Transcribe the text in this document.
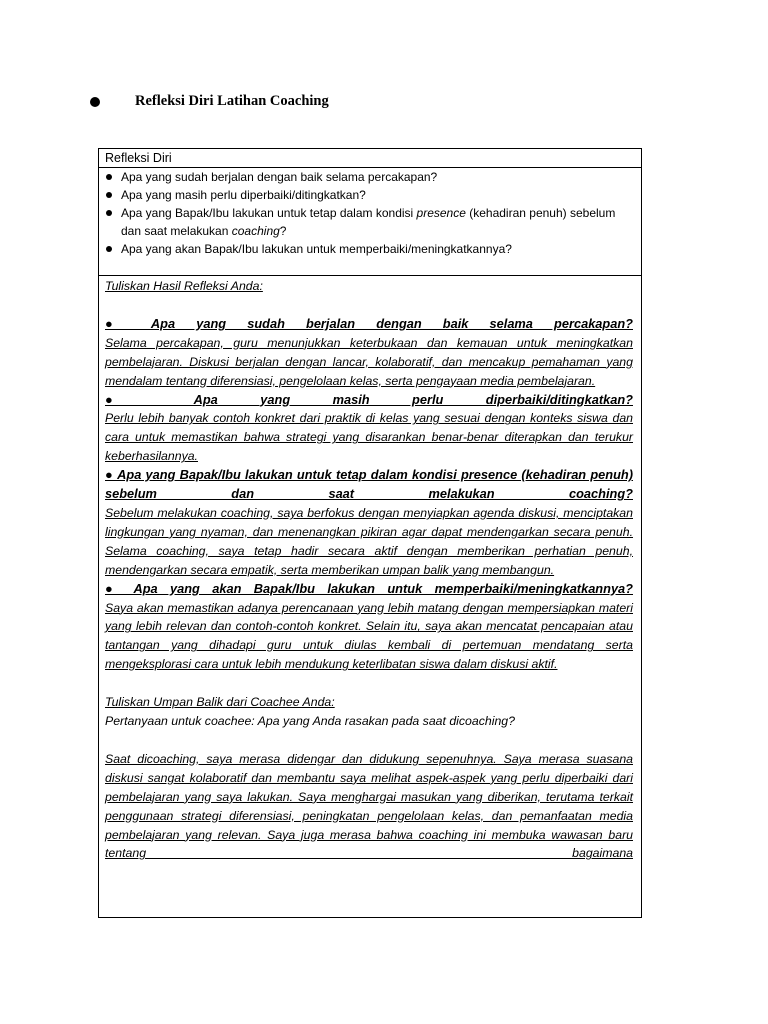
Refleksi Diri Latihan Coaching
Refleksi Diri
Apa yang sudah berjalan dengan baik selama percakapan?
Apa yang masih perlu diperbaiki/ditingkatkan?
Apa yang Bapak/Ibu lakukan untuk tetap dalam kondisi presence (kehadiran penuh) sebelum dan saat melakukan coaching?
Apa yang akan Bapak/Ibu lakukan untuk memperbaiki/meningkatkannya?

Tuliskan Hasil Refleksi Anda:

● Apa yang sudah berjalan dengan baik selama percakapan?

Selama percakapan, guru menunjukkan keterbukaan dan kemauan untuk meningkatkan pembelajaran. Diskusi berjalan dengan lancar, kolaboratif, dan mencakup pemahaman yang mendalam tentang diferensiasi, pengelolaan kelas, serta pengayaan media pembelajaran.

● Apa yang masih perlu diperbaiki/ditingkatkan?

Perlu lebih banyak contoh konkret dari praktik di kelas yang sesuai dengan konteks siswa dan cara untuk memastikan bahwa strategi yang disarankan benar-benar diterapkan dan terukur keberhasilannya.

● Apa yang Bapak/Ibu lakukan untuk tetap dalam kondisi presence (kehadiran penuh) sebelum dan saat melakukan coaching?

Sebelum melakukan coaching, saya berfokus dengan menyiapkan agenda diskusi, menciptakan lingkungan yang nyaman, dan menenangkan pikiran agar dapat mendengarkan secara penuh. Selama coaching, saya tetap hadir secara aktif dengan memberikan perhatian penuh, mendengarkan secara empatik, serta memberikan umpan balik yang membangun.

● Apa yang akan Bapak/Ibu lakukan untuk memperbaiki/meningkatkannya?

Saya akan memastikan adanya perencanaan yang lebih matang dengan mempersiapkan materi yang lebih relevan dan contoh-contoh konkret. Selain itu, saya akan mencatat pencapaian atau tantangan yang dihadapi guru untuk diulas kembali di pertemuan mendatang serta mengeksplorasi cara untuk lebih mendukung keterlibatan siswa dalam diskusi aktif.

Tuliskan Umpan Balik dari Coachee Anda:

Pertanyaan untuk coachee: Apa yang Anda rasakan pada saat dicoaching?

Saat dicoaching, saya merasa didengar dan didukung sepenuhnya. Saya merasa suasana diskusi sangat kolaboratif dan membantu saya melihat aspek-aspek yang perlu diperbaiki dari pembelajaran yang saya lakukan. Saya menghargai masukan yang diberikan, terutama terkait penggunaan strategi diferensiasi, peningkatan pengelolaan kelas, dan pemanfaatan media pembelajaran yang relevan. Saya juga merasa bahwa coaching ini membuka wawasan baru tentang bagaimana
